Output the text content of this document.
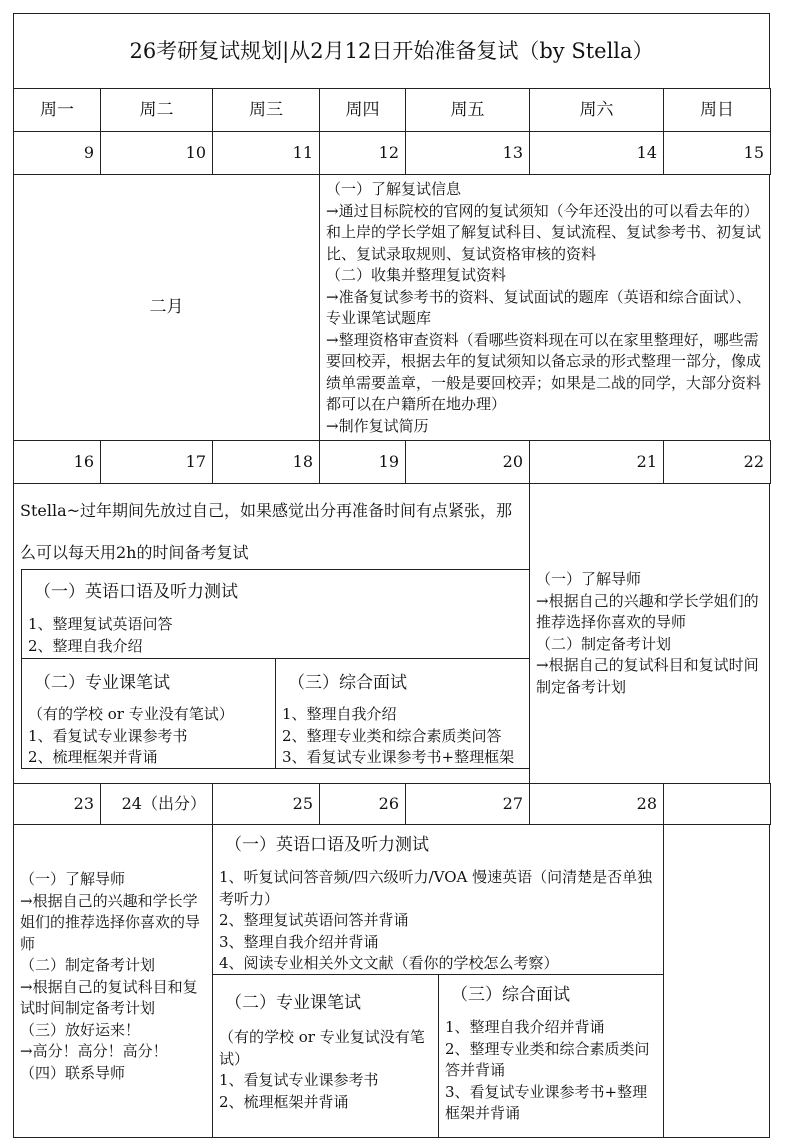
26考研复试规划|从2月12日开始准备复试（by Stella）
周一
9
16
23
周二
10
17
24（出分）
周三
11
18
25
周四
12
19
26
周五
13
20
27
周六
14
21
28
周日
15
22
二月

（一）了解复试信息

→通过目标院校的官网的复试须知（今年还没出的可以看去年的）和上岸的学长学姐了解复试科目、复试流程、复试参考书、初复试比、复试录取规则、复试资格审核的资料

（二）收集并整理复试资料

→准备复试参考书的资料、复试面试的题库（英语和综合面试）、专业课笔试题库

→整理资格审查资料（看哪些资料现在可以在家里整理好，哪些需要回校弄，根据去年的复试须知以备忘录的形式整理一部分，像成绩单需要盖章，一般是要回校弄；如果是二战的同学，大部分资料都可以在户籍所在地办理）

→制作复试简历

Stella~过年期间先放过自己，如果感觉出分再准备时间有点紧张，那么可以每天用2h的时间备考复试
（一）英语口语及听力测试

1、整理复试英语问答

2、整理自我介绍

（二）专业课笔试

（有的学校 or 专业没有笔试）

1、看复试专业课参考书

2、梳理框架并背诵

（三）综合面试

1、整理自我介绍

2、整理专业类和综合素质类问答

3、看复试专业课参考书+整理框架

（一）了解导师

→根据自己的兴趣和学长学姐们的推荐选择你喜欢的导师

（二）制定备考计划

→根据自己的复试科目和复试时间制定备考计划

（一）了解导师

→根据自己的兴趣和学长学姐们的推荐选择你喜欢的导师

（二）制定备考计划

→根据自己的复试科目和复试时间制定备考计划

（三）放好运来！

→高分！高分！高分！

（四）联系导师

（一）英语口语及听力测试

1、听复试问答音频/四六级听力/VOA 慢速英语（问清楚是否单独考听力）

2、整理复试英语问答并背诵

3、整理自我介绍并背诵

4、阅读专业相关外文文献（看你的学校怎么考察）

（二）专业课笔试

（有的学校 or 专业复试没有笔试）

1、看复试专业课参考书

2、梳理框架并背诵

（三）综合面试

1、整理自我介绍并背诵

2、整理专业类和综合素质类问答并背诵

3、看复试专业课参考书+整理框架并背诵
